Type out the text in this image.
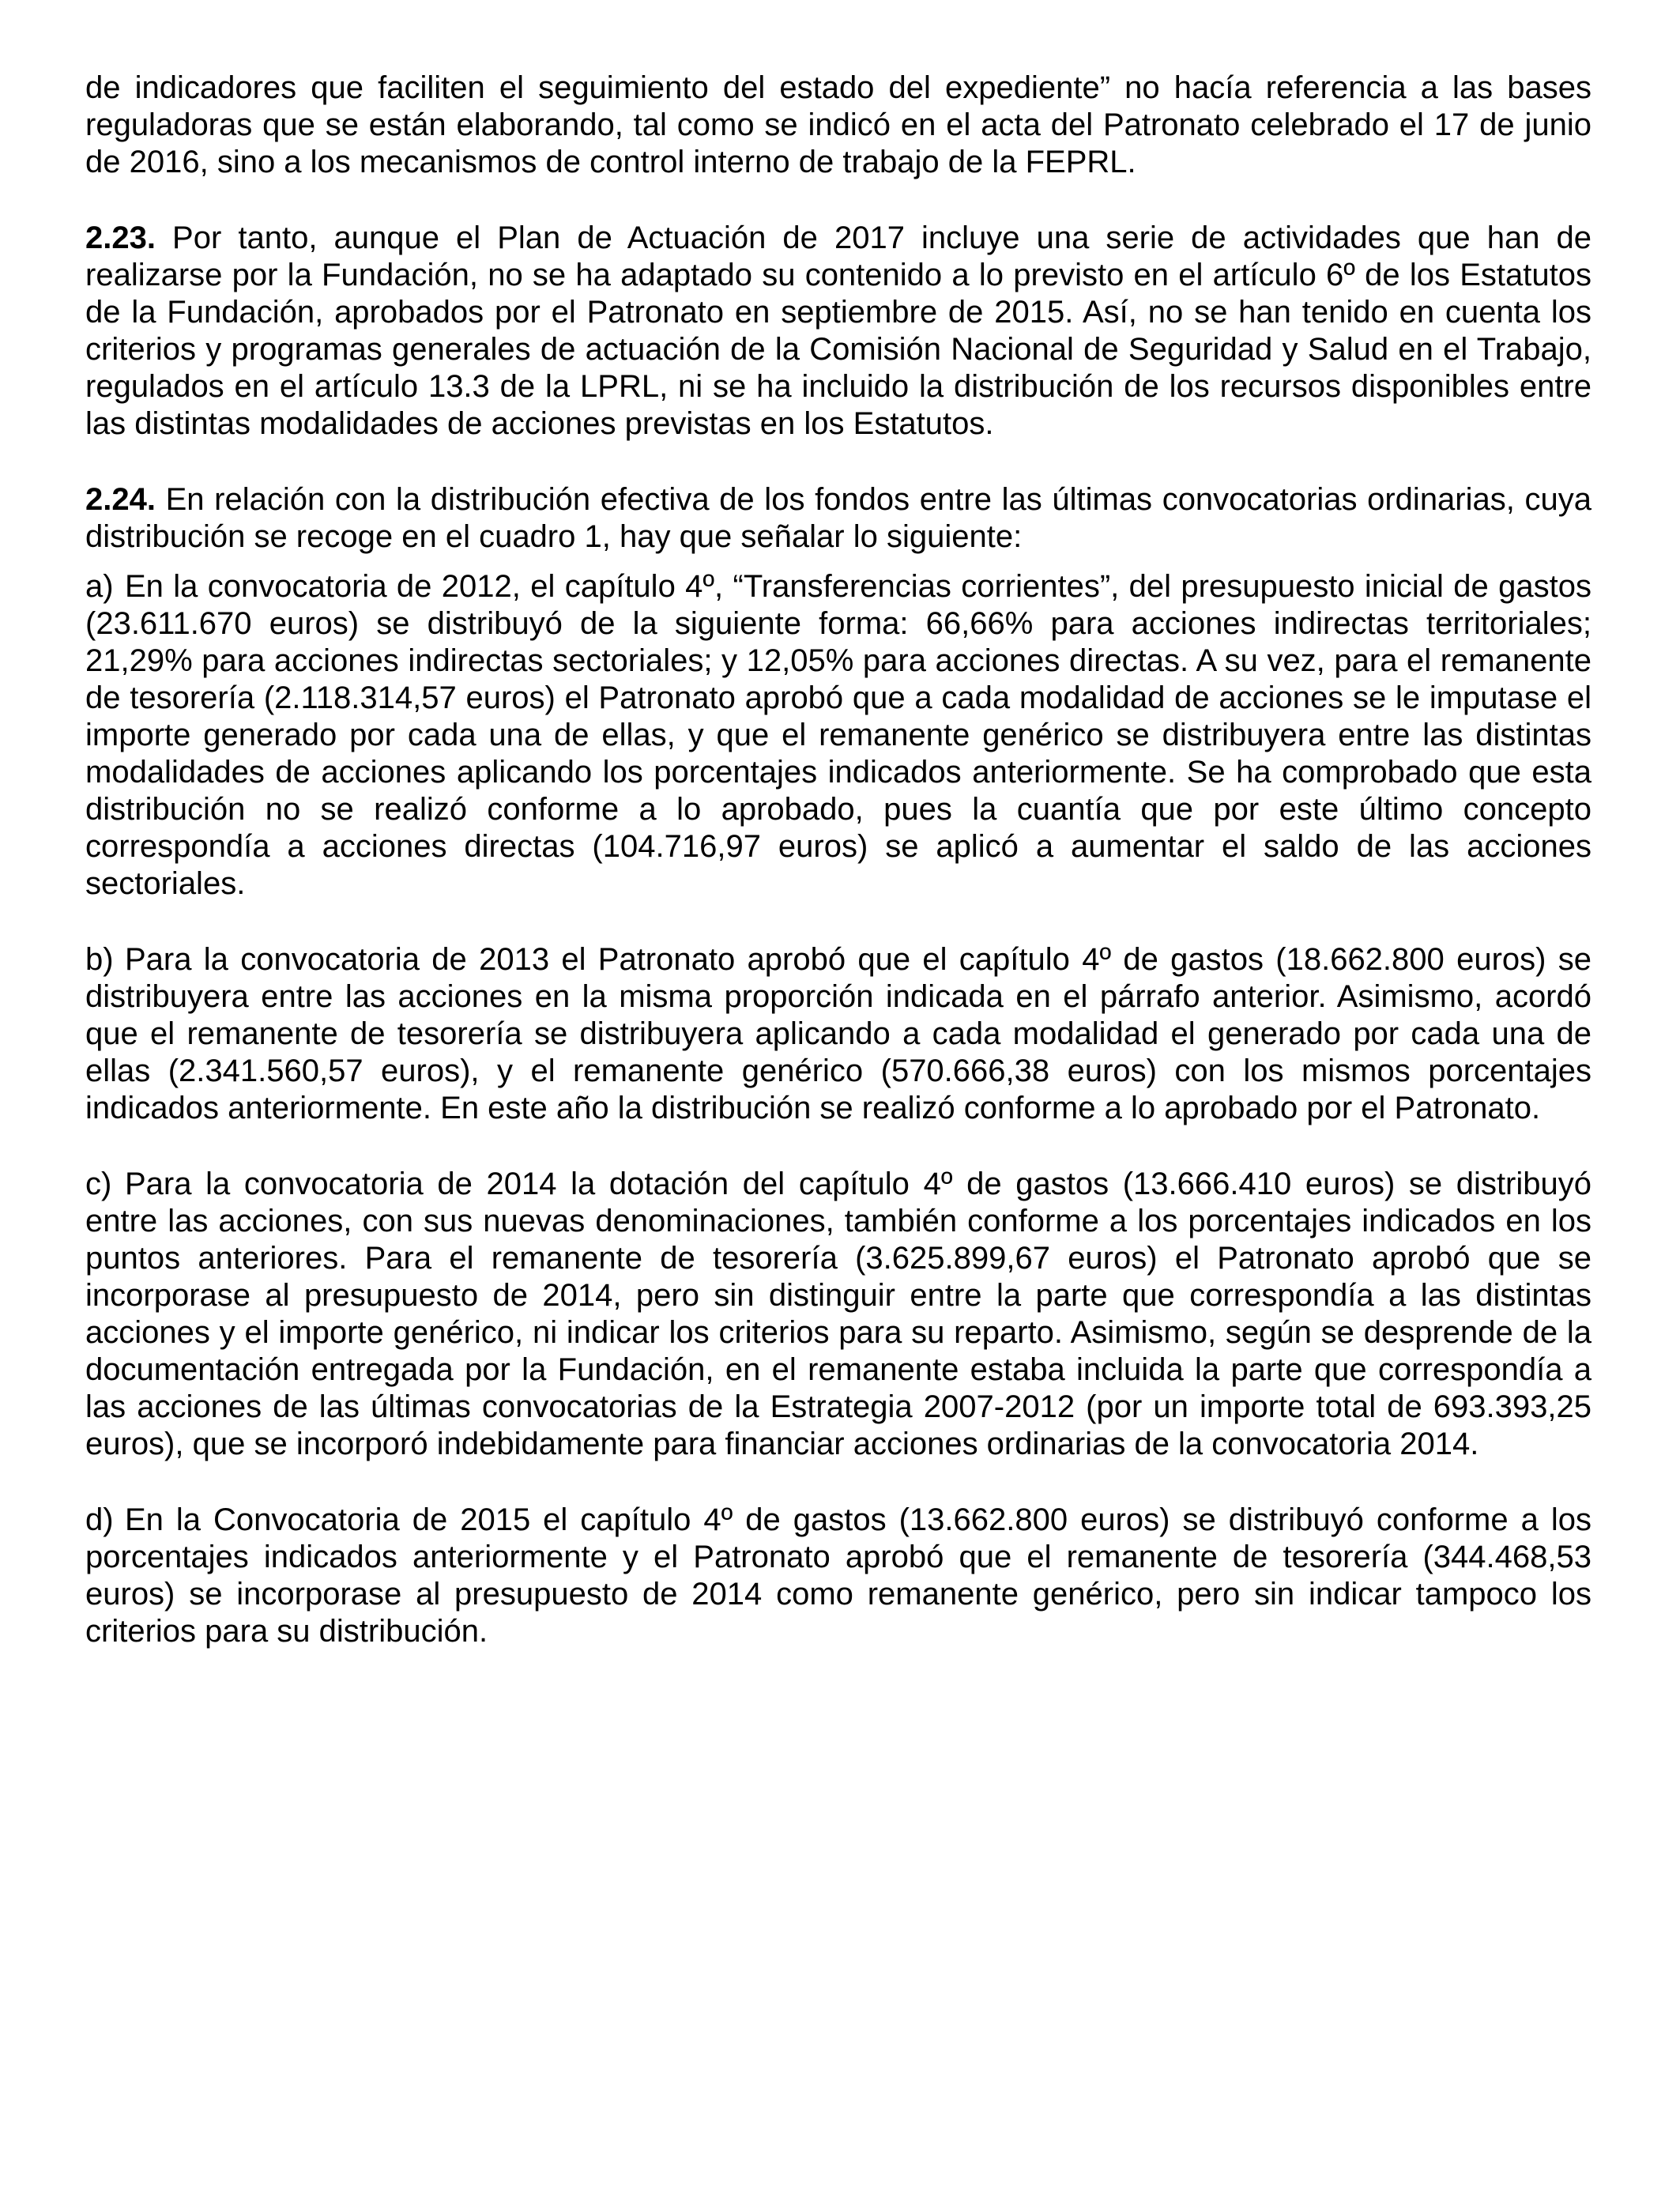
de indicadores que faciliten el seguimiento del estado del expediente” no hacía referencia a las bases reguladoras que se están elaborando, tal como se indicó en el acta del Patronato celebrado el 17 de junio de 2016, sino a los mecanismos de control interno de trabajo de la FEPRL.

2.23. Por tanto, aunque el Plan de Actuación de 2017 incluye una serie de actividades que han de realizarse por la Fundación, no se ha adaptado su contenido a lo previsto en el artículo 6º de los Estatutos de la Fundación, aprobados por el Patronato en septiembre de 2015. Así, no se han tenido en cuenta los criterios y programas generales de actuación de la Comisión Nacional de Seguridad y Salud en el Trabajo, regulados en el artículo 13.3 de la LPRL, ni se ha incluido la distribución de los recursos disponibles entre las distintas modalidades de acciones previstas en los Estatutos.

2.24. En relación con la distribución efectiva de los fondos entre las últimas convocatorias ordinarias, cuya distribución se recoge en el cuadro 1, hay que señalar lo siguiente:

a) En la convocatoria de 2012, el capítulo 4º, “Transferencias corrientes”, del presupuesto inicial de gastos (23.611.670 euros) se distribuyó de la siguiente forma: 66,66% para acciones indirectas territoriales; 21,29% para acciones indirectas sectoriales; y 12,05% para acciones directas. A su vez, para el remanente de tesorería (2.118.314,57 euros) el Patronato aprobó que a cada modalidad de acciones se le imputase el importe generado por cada una de ellas, y que el remanente genérico se distribuyera entre las distintas modalidades de acciones aplicando los porcentajes indicados anteriormente. Se ha comprobado que esta distribución no se realizó conforme a lo aprobado, pues la cuantía que por este último concepto correspondía a acciones directas (104.716,97 euros) se aplicó a aumentar el saldo de las acciones sectoriales.

b) Para la convocatoria de 2013 el Patronato aprobó que el capítulo 4º de gastos (18.662.800 euros) se distribuyera entre las acciones en la misma proporción indicada en el párrafo anterior. Asimismo, acordó que el remanente de tesorería se distribuyera aplicando a cada modalidad el generado por cada una de ellas (2.341.560,57 euros), y el remanente genérico (570.666,38 euros) con los mismos porcentajes indicados anteriormente. En este año la distribución se realizó conforme a lo aprobado por el Patronato.

c) Para la convocatoria de 2014 la dotación del capítulo 4º de gastos (13.666.410 euros) se distribuyó entre las acciones, con sus nuevas denominaciones, también conforme a los porcentajes indicados en los puntos anteriores. Para el remanente de tesorería (3.625.899,67 euros) el Patronato aprobó que se incorporase al presupuesto de 2014, pero sin distinguir entre la parte que correspondía a las distintas acciones y el importe genérico, ni indicar los criterios para su reparto. Asimismo, según se desprende de la documentación entregada por la Fundación, en el remanente estaba incluida la parte que correspondía a las acciones de las últimas convocatorias de la Estrategia 2007-2012 (por un importe total de 693.393,25 euros), que se incorporó indebidamente para financiar acciones ordinarias de la convocatoria 2014.

d) En la Convocatoria de 2015 el capítulo 4º de gastos (13.662.800 euros) se distribuyó conforme a los porcentajes indicados anteriormente y el Patronato aprobó que el remanente de tesorería (344.468,53 euros) se incorporase al presupuesto de 2014 como remanente genérico, pero sin indicar tampoco los criterios para su distribución.
